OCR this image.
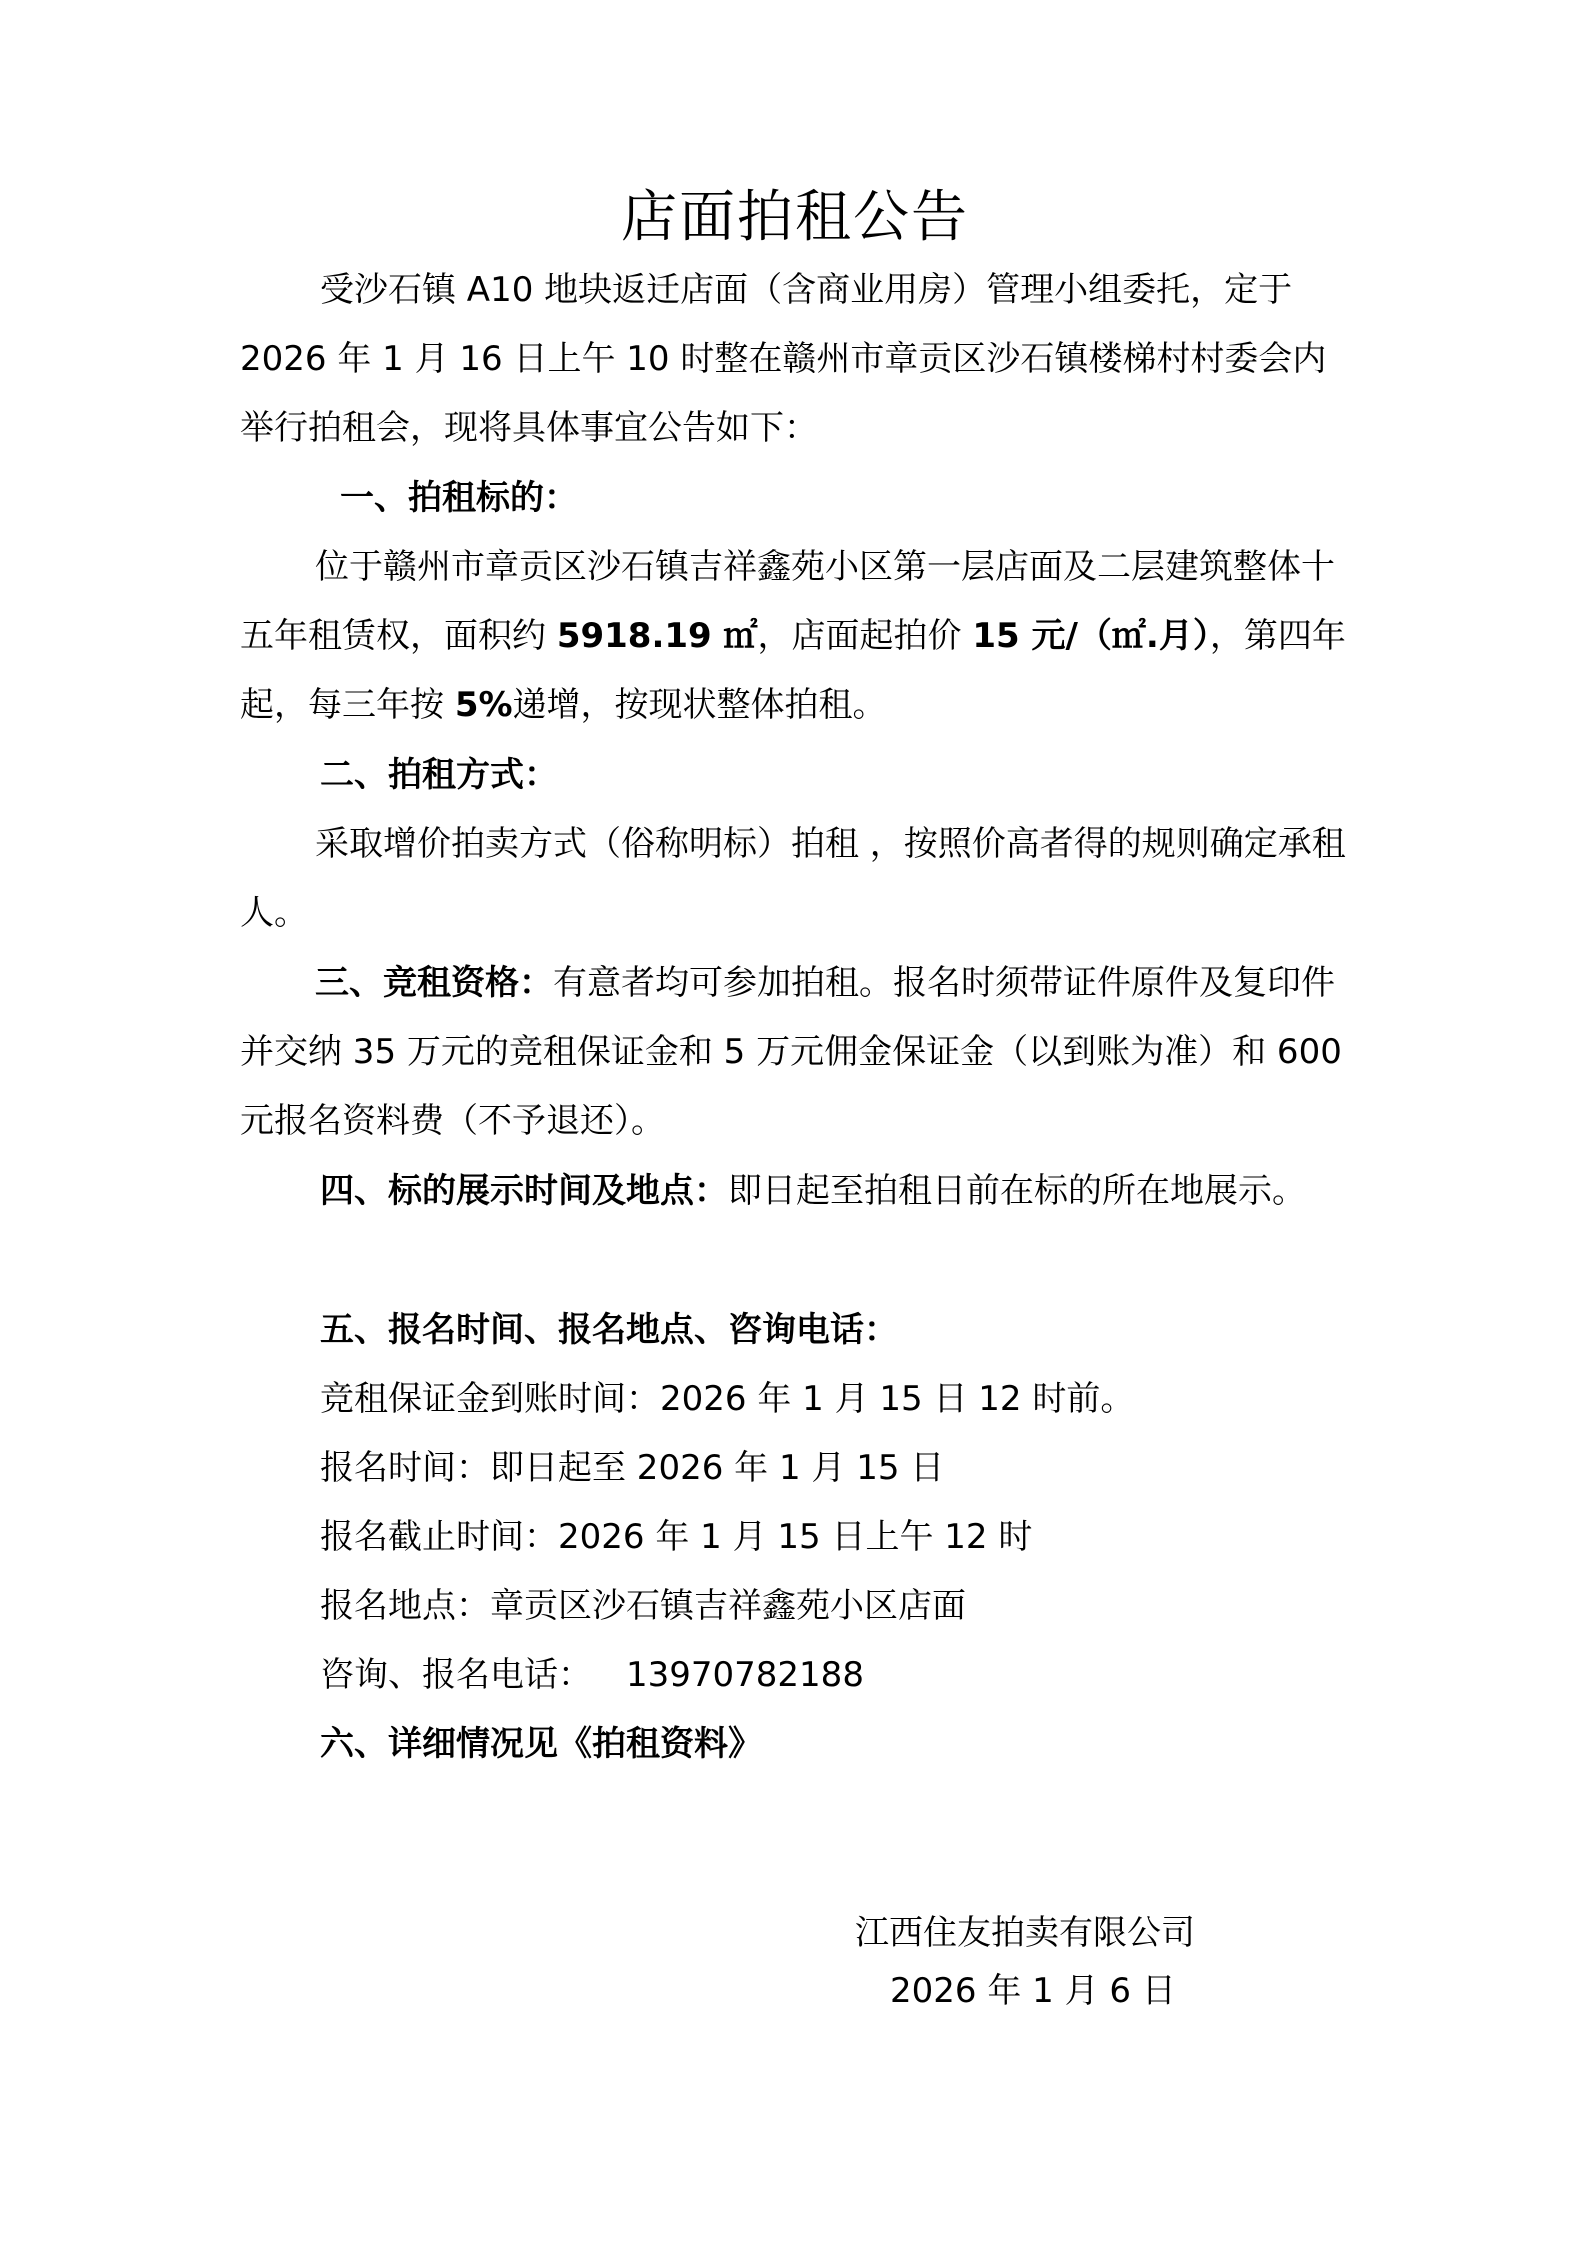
店面拍租公告

受沙石镇 A10 地块返迁店面（含商业用房）管理小组委托，定于 2026 年 1 月 16 日上午 10 时整在赣州市章贡区沙石镇楼梯村村委会内举行拍租会，现将具体事宜公告如下：

一、拍租标的：

位于赣州市章贡区沙石镇吉祥鑫苑小区第一层店面及二层建筑整体十五年租赁权，面积约 5918.19 ㎡，店面起拍价 15 元/（㎡.月），第四年起，每三年按 5%递增，按现状整体拍租。

二、拍租方式：

采取增价拍卖方式（俗称明标）拍租 ，按照价高者得的规则确定承租人。

三、竞租资格：有意者均可参加拍租。报名时须带证件原件及复印件并交纳 35 万元的竞租保证金和 5 万元佣金保证金（以到账为准）和 600 元报名资料费（不予退还）。

四、标的展示时间及地点：即日起至拍租日前在标的所在地展示。

五、报名时间、报名地点、咨询电话：

竞租保证金到账时间：2026 年 1 月 15 日 12 时前。

报名时间：即日起至 2026 年 1 月 15 日

报名截止时间：2026 年 1 月 15 日上午 12 时

报名地点：章贡区沙石镇吉祥鑫苑小区店面

咨询、报名电话： 13970782188

六、详细情况见《拍租资料》

江西住友拍卖有限公司
2026 年 1 月 6 日
